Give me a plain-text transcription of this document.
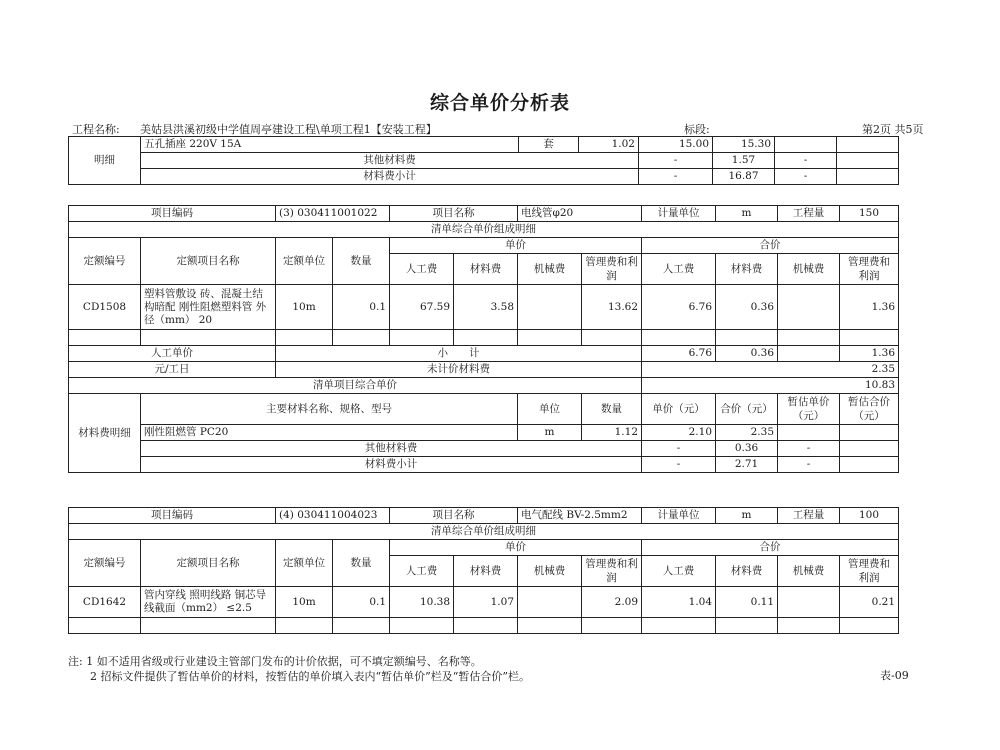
综合单价分析表
工程名称: 美姑县洪溪初级中学值周亭建设工程\单项工程1【安装工程】	标段:	第2页 共5页
明细	五孔插座 220V 15A	套	1.02	15.00	15.30		
	其他材料费			-	1.57	-	
	材料费小计			-	16.87	-	
项目编码		(3) 030411001022		项目名称		电线管φ20		计量单位	m	工程量	150
清单综合单价组成明细											
定额编号	定额项目名称	定额单位	数量	单价				合价			
				人工费	材料费	机械费	管理费和利润	人工费	材料费	机械费	管理费和利润
CD1508	塑料管敷设 砖、混凝土结构暗配 刚性阻燃塑料管 外径（mm） 20	10m	0.1	67.59	3.58		13.62	6.76	0.36		1.36

人工单价		小　　计						6.76	0.36		1.36
元/工日		未计价材料费						2.35			
清单项目综合单价								10.83			
材料费明细	主要材料名称、规格、型号					单位	数量	单价（元）	合价（元）	暂估单价（元）	暂估合价（元）
	刚性阻燃管 PC20					m	1.12	2.10	2.35		
	其他材料费							-	0.36	-	
	材料费小计							-	2.71	-	
项目编码		(4) 030411004023		项目名称		电气配线 BV-2.5mm2		计量单位	m	工程量	100
清单综合单价组成明细											
定额编号	定额项目名称	定额单位	数量	单价				合价			
				人工费	材料费	机械费	管理费和利润	人工费	材料费	机械费	管理费和利润
CD1642	管内穿线 照明线路 铜芯导线截面（mm2） ≤2.5	10m	0.1	10.38	1.07		2.09	1.04	0.11		0.21

注: 1 如不适用省级或行业建设主管部门发布的计价依据，可不填定额编号、名称等。
2 招标文件提供了暂估单价的材料，按暂估的单价填入表内“暂估单价”栏及“暂估合价”栏。	表-09
